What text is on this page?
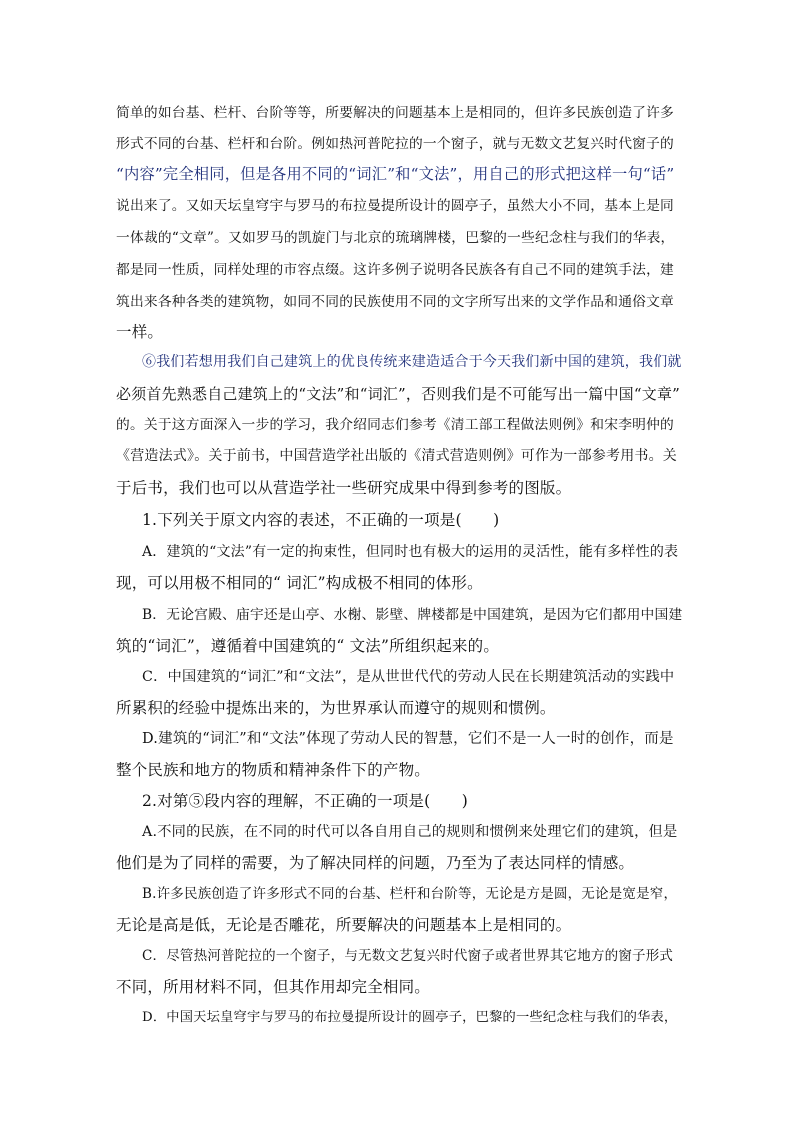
简单的如台基、栏杆、台阶等等，所要解决的问题基本上是相同的，但许多民族创造了许多
形式不同的台基、栏杆和台阶。例如热河普陀拉的一个窗子，就与无数文艺复兴时代窗子的
“内容”完全相同，但是各用不同的“词汇”和“文法”，用自己的形式把这样一句“话”
说出来了。又如天坛皇穹宇与罗马的布拉曼提所设计的圆亭子，虽然大小不同，基本上是同
一体裁的“文章”。又如罗马的凯旋门与北京的琉璃牌楼，巴黎的一些纪念柱与我们的华表，
都是同一性质，同样处理的市容点缀。这许多例子说明各民族各有自己不同的建筑手法，建
筑出来各种各类的建筑物，如同不同的民族使用不同的文字所写出来的文学作品和通俗文章
一样。
⑥我们若想用我们自己建筑上的优良传统来建造适合于今天我们新中国的建筑，我们就
必须首先熟悉自己建筑上的“文法”和“词汇”，否则我们是不可能写出一篇中国“文章”
的。关于这方面深入一步的学习，我介绍同志们参考《清工部工程做法则例》和宋李明仲的
《营造法式》。关于前书，中国营造学社出版的《清式营造则例》可作为一部参考用书。关
于后书，我们也可以从营造学社一些研究成果中得到参考的图版。
1.下列关于原文内容的表述，不正确的一项是(　　)
A．建筑的“文法”有一定的拘束性，但同时也有极大的运用的灵活性，能有多样性的表
现，可以用极不相同的“ 词汇”构成极不相同的体形。
B．无论宫殿、庙宇还是山亭、水榭、影壁、牌楼都是中国建筑，是因为它们都用中国建
筑的“词汇”，遵循着中国建筑的“ 文法”所组织起来的。
C．中国建筑的“词汇”和“文法”，是从世世代代的劳动人民在长期建筑活动的实践中
所累积的经验中提炼出来的，为世界承认而遵守的规则和惯例。
D.建筑的“词汇”和“文法”体现了劳动人民的智慧，它们不是一人一时的创作，而是
整个民族和地方的物质和精神条件下的产物。
2.对第⑤段内容的理解，不正确的一项是(　　)
A.不同的民族，在不同的时代可以各自用自己的规则和惯例来处理它们的建筑，但是
他们是为了同样的需要，为了解决同样的问题，乃至为了表达同样的情感。
B.许多民族创造了许多形式不同的台基、栏杆和台阶等，无论是方是圆，无论是宽是窄，
无论是高是低，无论是否雕花，所要解决的问题基本上是相同的。
C．尽管热河普陀拉的一个窗子，与无数文艺复兴时代窗子或者世界其它地方的窗子形式
不同，所用材料不同，但其作用却完全相同。
D．中国天坛皇穹宇与罗马的布拉曼提所设计的圆亭子，巴黎的一些纪念柱与我们的华表，
